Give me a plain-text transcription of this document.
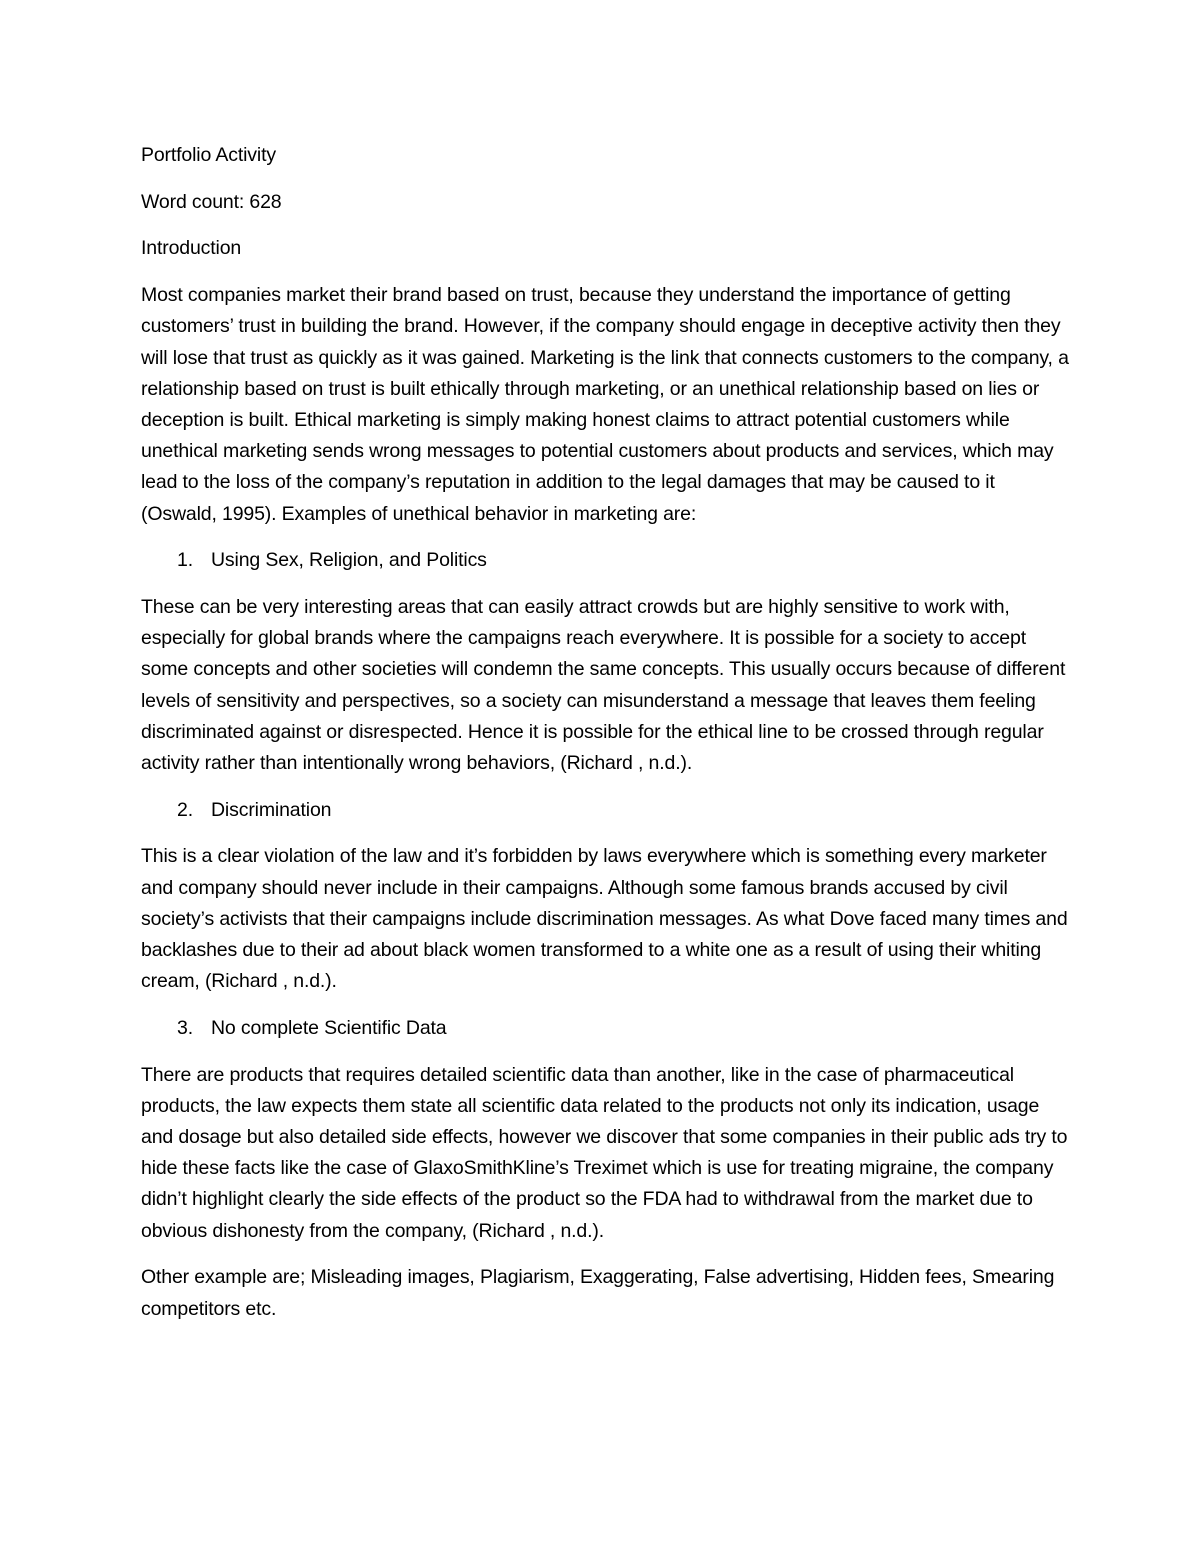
Portfolio Activity
Word count: 628
Introduction

Most companies market their brand based on trust, because they understand the importance of getting customers’ trust in building the brand. However, if the company should engage in deceptive activity then they will lose that trust as quickly as it was gained. Marketing is the link that connects customers to the company, a relationship based on trust is built ethically through marketing, or an unethical relationship based on lies or deception is built. Ethical marketing is simply making honest claims to attract potential customers while unethical marketing sends wrong messages to potential customers about products and services, which may lead to the loss of the company’s reputation in addition to the legal damages that may be caused to it (Oswald, 1995). Examples of unethical behavior in marketing are:

1. Using Sex, Religion, and Politics

These can be very interesting areas that can easily attract crowds but are highly sensitive to work with, especially for global brands where the campaigns reach everywhere. It is possible for a society to accept some concepts and other societies will condemn the same concepts. This usually occurs because of different levels of sensitivity and perspectives, so a society can misunderstand a message that leaves them feeling discriminated against or disrespected. Hence it is possible for the ethical line to be crossed through regular activity rather than intentionally wrong behaviors, (Richard , n.d.).

2. Discrimination

This is a clear violation of the law and it’s forbidden by laws everywhere which is something every marketer and company should never include in their campaigns. Although some famous brands accused by civil society’s activists that their campaigns include discrimination messages. As what Dove faced many times and backlashes due to their ad about black women transformed to a white one as a result of using their whiting cream, (Richard , n.d.).

3. No complete Scientific Data

There are products that requires detailed scientific data than another, like in the case of pharmaceutical products, the law expects them state all scientific data related to the products not only its indication, usage and dosage but also detailed side effects, however we discover that some companies in their public ads try to hide these facts like the case of GlaxoSmithKline’s Treximet which is use for treating migraine, the company didn’t highlight clearly the side effects of the product so the FDA had to withdrawal from the market due to obvious dishonesty from the company, (Richard , n.d.).

Other example are; Misleading images, Plagiarism, Exaggerating, False advertising, Hidden fees, Smearing competitors etc.
